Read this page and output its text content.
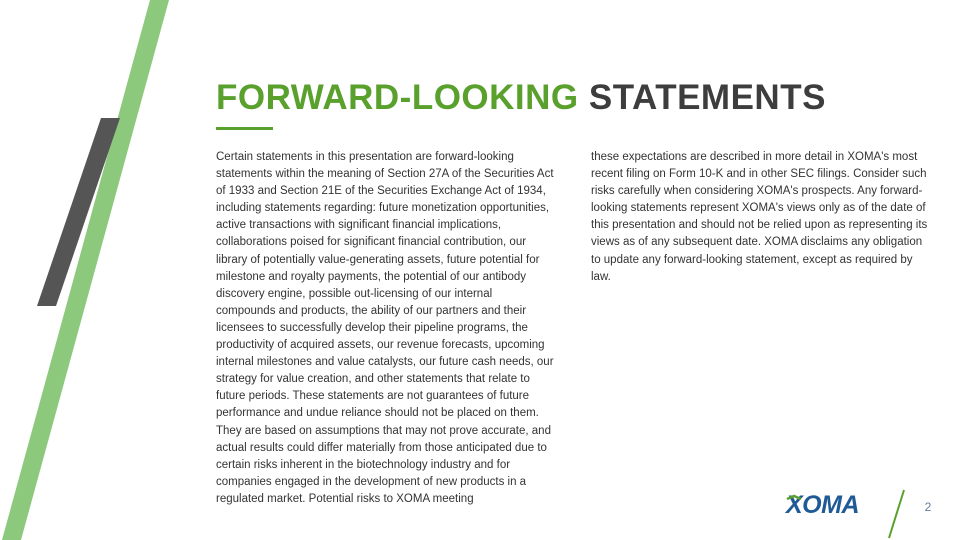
FORWARD-LOOKING STATEMENTS

Certain statements in this presentation are forward-looking statements within the meaning of Section 27A of the Securities Act of 1933 and Section 21E of the Securities Exchange Act of 1934, including statements regarding: future monetization opportunities, active transactions with significant financial implications, collaborations poised for significant financial contribution, our library of potentially value-generating assets, future potential for milestone and royalty payments, the potential of our antibody discovery engine, possible out-licensing of our internal compounds and products, the ability of our partners and their licensees to successfully develop their pipeline programs, the productivity of acquired assets, our revenue forecasts, upcoming internal milestones and value catalysts, our future cash needs, our strategy for value creation, and other statements that relate to future periods. These statements are not guarantees of future performance and undue reliance should not be placed on them. They are based on assumptions that may not prove accurate, and actual results could differ materially from those anticipated due to certain risks inherent in the biotechnology industry and for companies engaged in the development of new products in a regulated market. Potential risks to XOMA meeting

these expectations are described in more detail in XOMA's most recent filing on Form 10-K and in other SEC filings. Consider such risks carefully when considering XOMA's prospects. Any forward-looking statements represent XOMA's views only as of the date of this presentation and should not be relied upon as representing its views as of any subsequent date. XOMA disclaims any obligation to update any forward-looking statement, except as required by law.

XOMA	2
